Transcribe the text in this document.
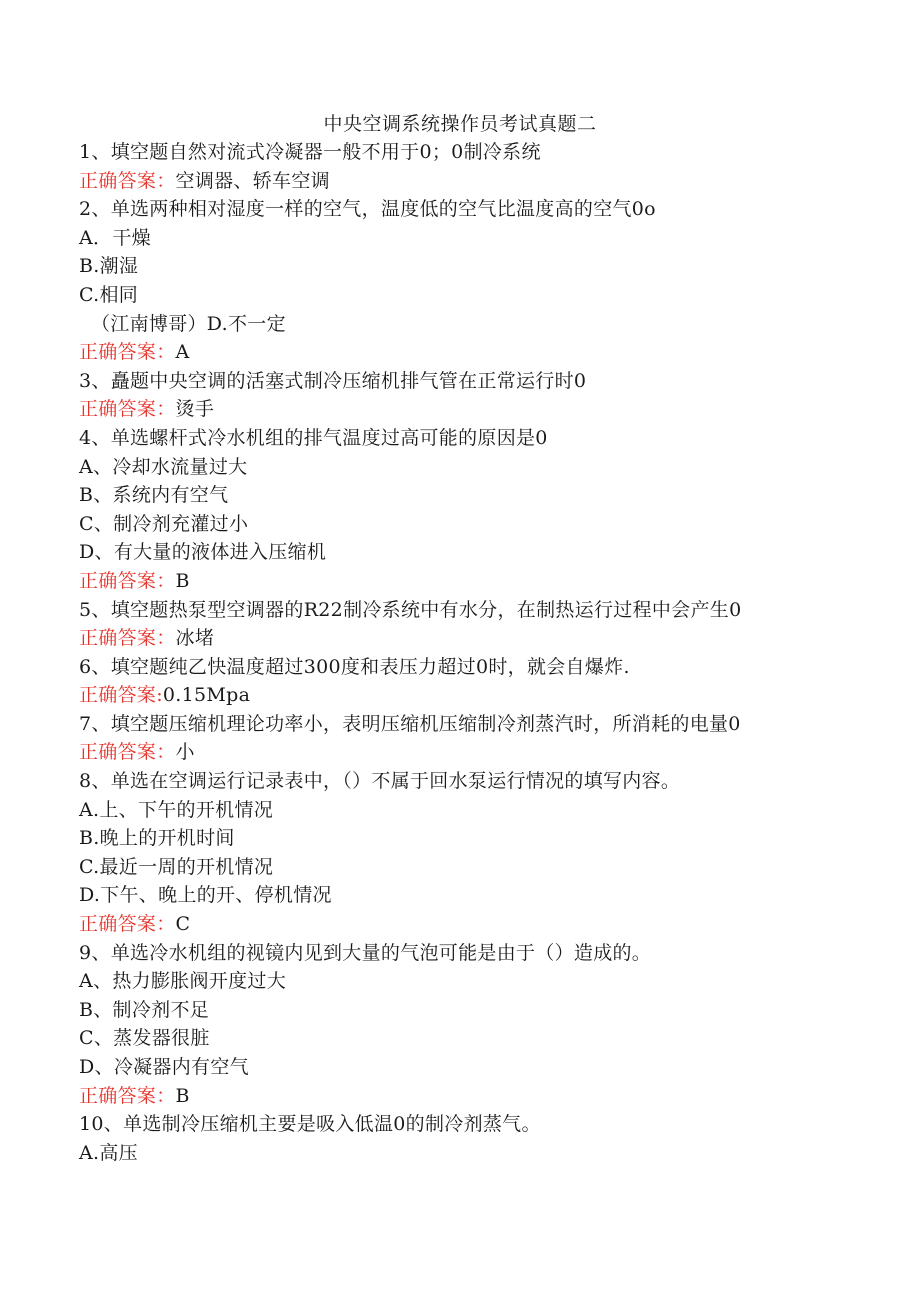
中央空调系统操作员考试真题二
1、填空题自然对流式冷凝器一般不用于0；0制冷系统
正确答案：空调器、轿车空调
2、单选两种相对湿度一样的空气，温度低的空气比温度高的空气0o
A．干燥
B.潮湿
C.相同
（江南博哥）D.不一定
正确答案：A
3、矗题中央空调的活塞式制冷压缩机排气管在正常运行时0
正确答案：烫手
4、单选螺杆式冷水机组的排气温度过高可能的原因是0
A、冷却水流量过大
B、系统内有空气
C、制冷剂充灌过小
D、有大量的液体进入压缩机
正确答案：B
5、填空题热泵型空调器的R22制冷系统中有水分，在制热运行过程中会产生0
正确答案：冰堵
6、填空题纯乙快温度超过300度和表压力超过0时，就会自爆炸.
正确答案:0.15Mpa
7、填空题压缩机理论功率小，表明压缩机压缩制冷剂蒸汽时，所消耗的电量0
正确答案：小
8、单选在空调运行记录表中，（）不属于回水泵运行情况的填写内容。
A.上、下午的开机情况
B.晚上的开机时间
C.最近一周的开机情况
D.下午、晚上的开、停机情况
正确答案：C
9、单选冷水机组的视镜内见到大量的气泡可能是由于（）造成的。
A、热力膨胀阀开度过大
B、制冷剂不足
C、蒸发器很脏
D、冷凝器内有空气
正确答案：B
10、单选制冷压缩机主要是吸入低温0的制冷剂蒸气。
A.高压
